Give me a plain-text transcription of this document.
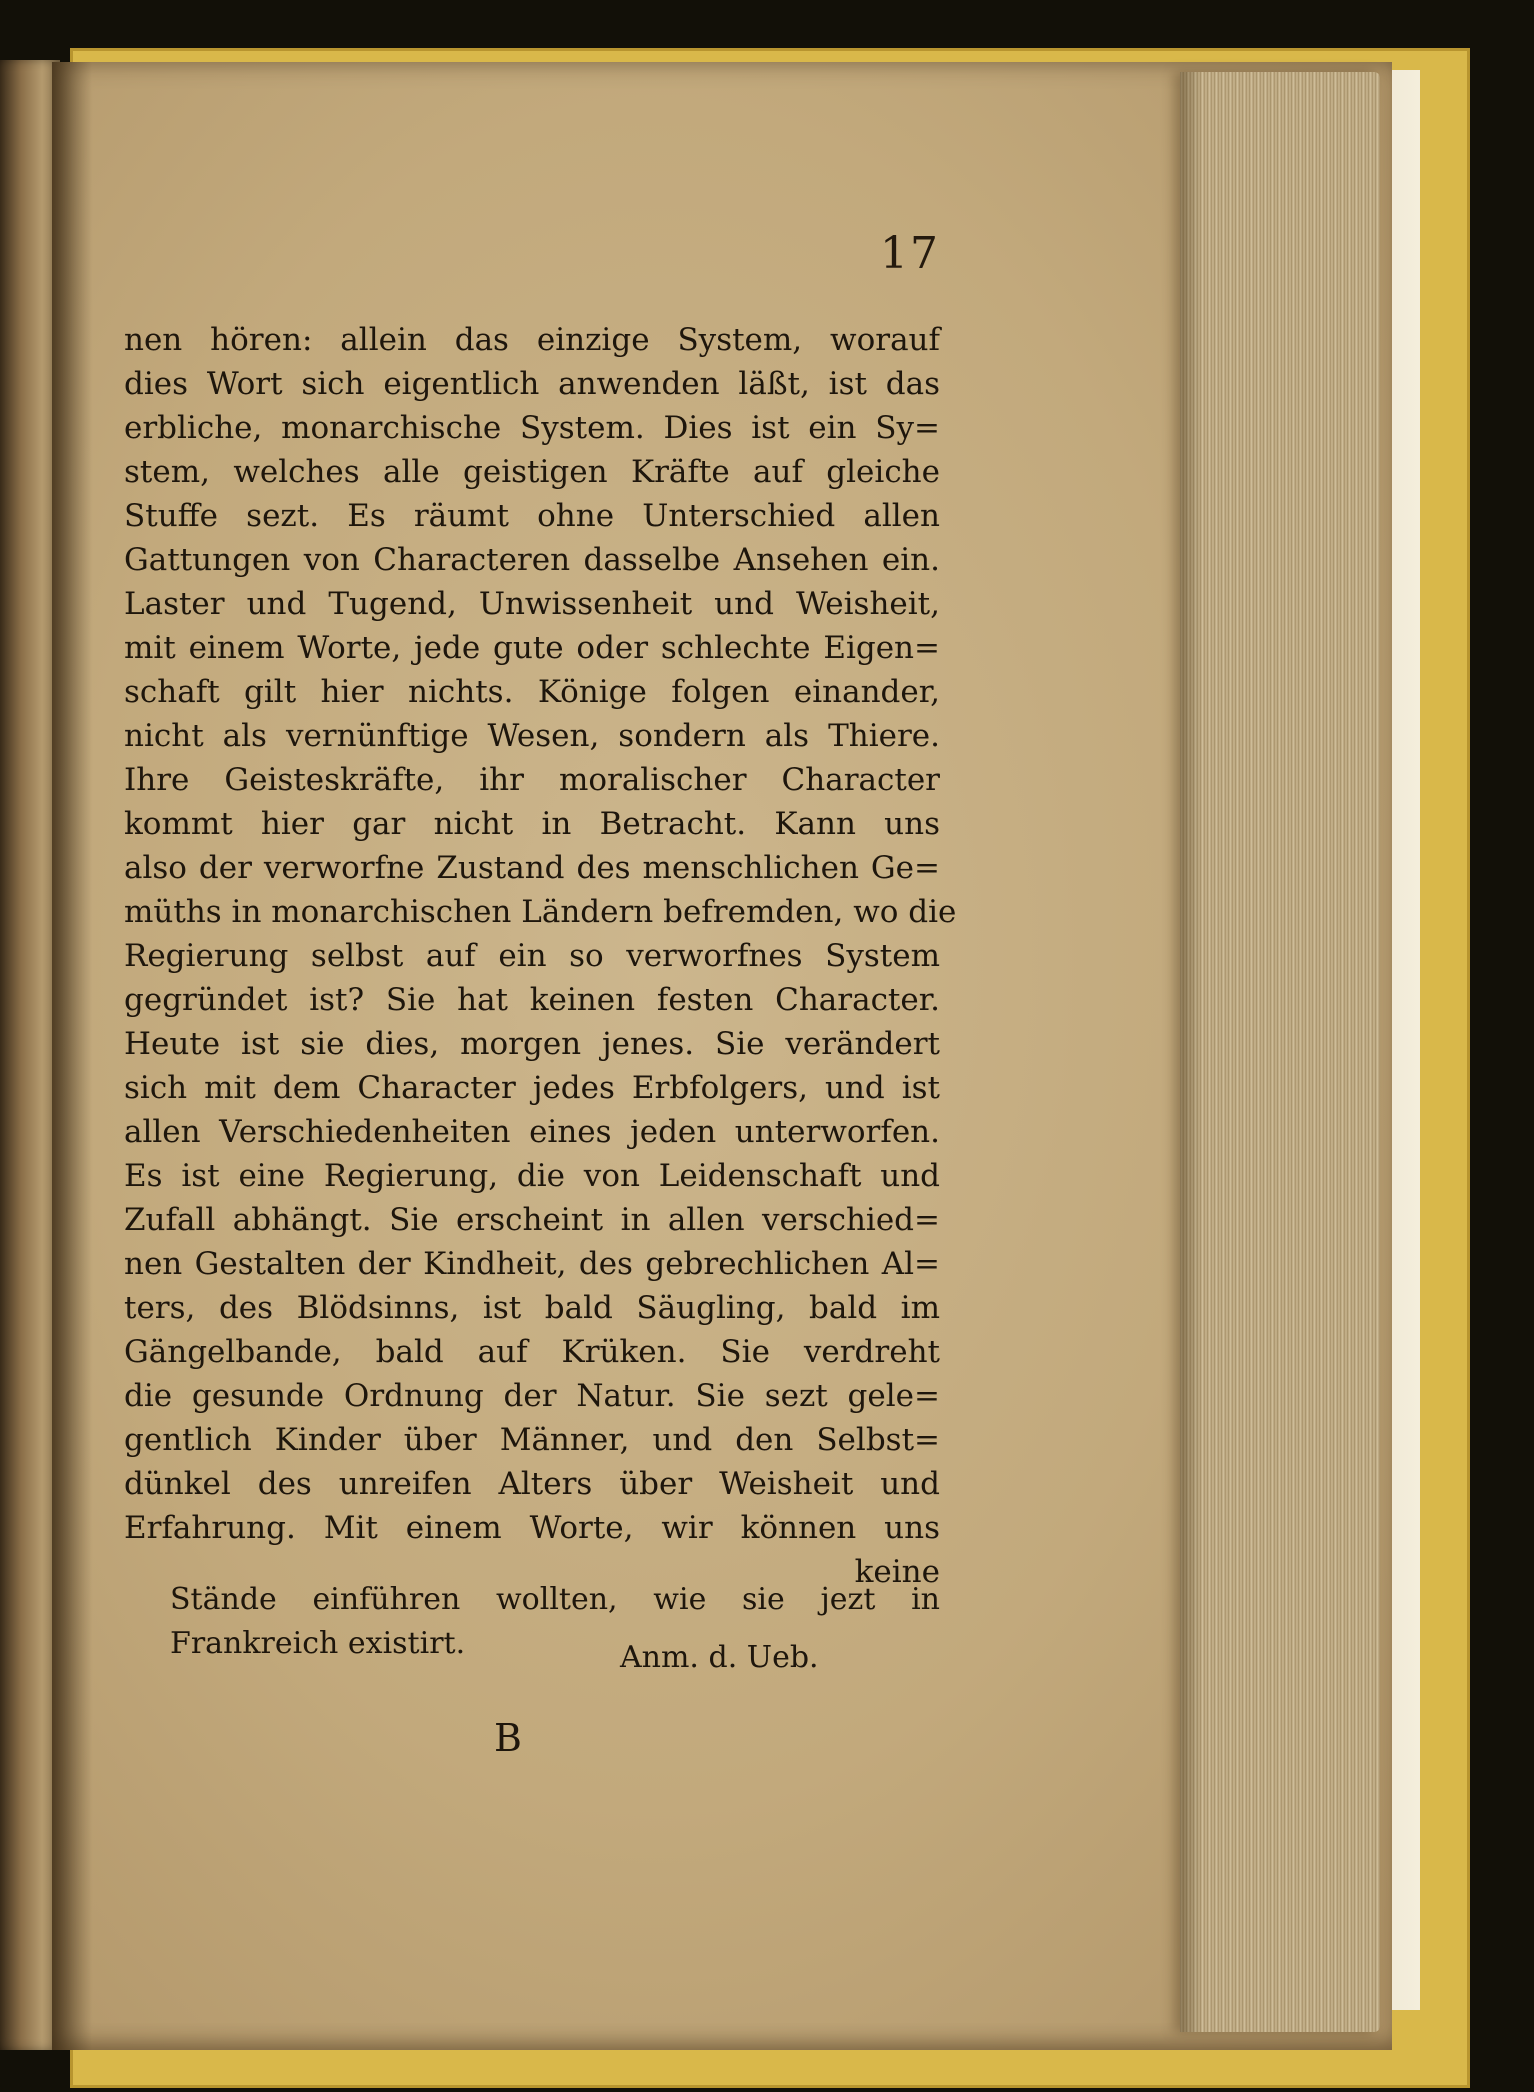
17
nen hören: allein das einzige System, worauf
dies Wort sich eigentlich anwenden läßt, ist das
erbliche, monarchische System. Dies ist ein Sy=
stem, welches alle geistigen Kräfte auf gleiche
Stuffe sezt. Es räumt ohne Unterschied allen
Gattungen von Characteren dasselbe Ansehen ein.
Laster und Tugend, Unwissenheit und Weisheit,
mit einem Worte, jede gute oder schlechte Eigen=
schaft gilt hier nichts. Könige folgen einander,
nicht als vernünftige Wesen, sondern als Thiere.
Ihre Geisteskräfte, ihr moralischer Character
kommt hier gar nicht in Betracht. Kann uns
also der verworfne Zustand des menschlichen Ge=
müths in monarchischen Ländern befremden, wo die
Regierung selbst auf ein so verworfnes System
gegründet ist? Sie hat keinen festen Character.
Heute ist sie dies, morgen jenes. Sie verändert
sich mit dem Character jedes Erbfolgers, und ist
allen Verschiedenheiten eines jeden unterworfen.
Es ist eine Regierung, die von Leidenschaft und
Zufall abhängt. Sie erscheint in allen verschied=
nen Gestalten der Kindheit, des gebrechlichen Al=
ters, des Blödsinns, ist bald Säugling, bald im
Gängelbande, bald auf Krüken. Sie verdreht
die gesunde Ordnung der Natur. Sie sezt gele=
gentlich Kinder über Männer, und den Selbst=
dünkel des unreifen Alters über Weisheit und
Erfahrung. Mit einem Worte, wir können uns
keine
Stände einführen wollten, wie sie jezt in
Frankreich existirt.	Anm. d. Ueb.
B
